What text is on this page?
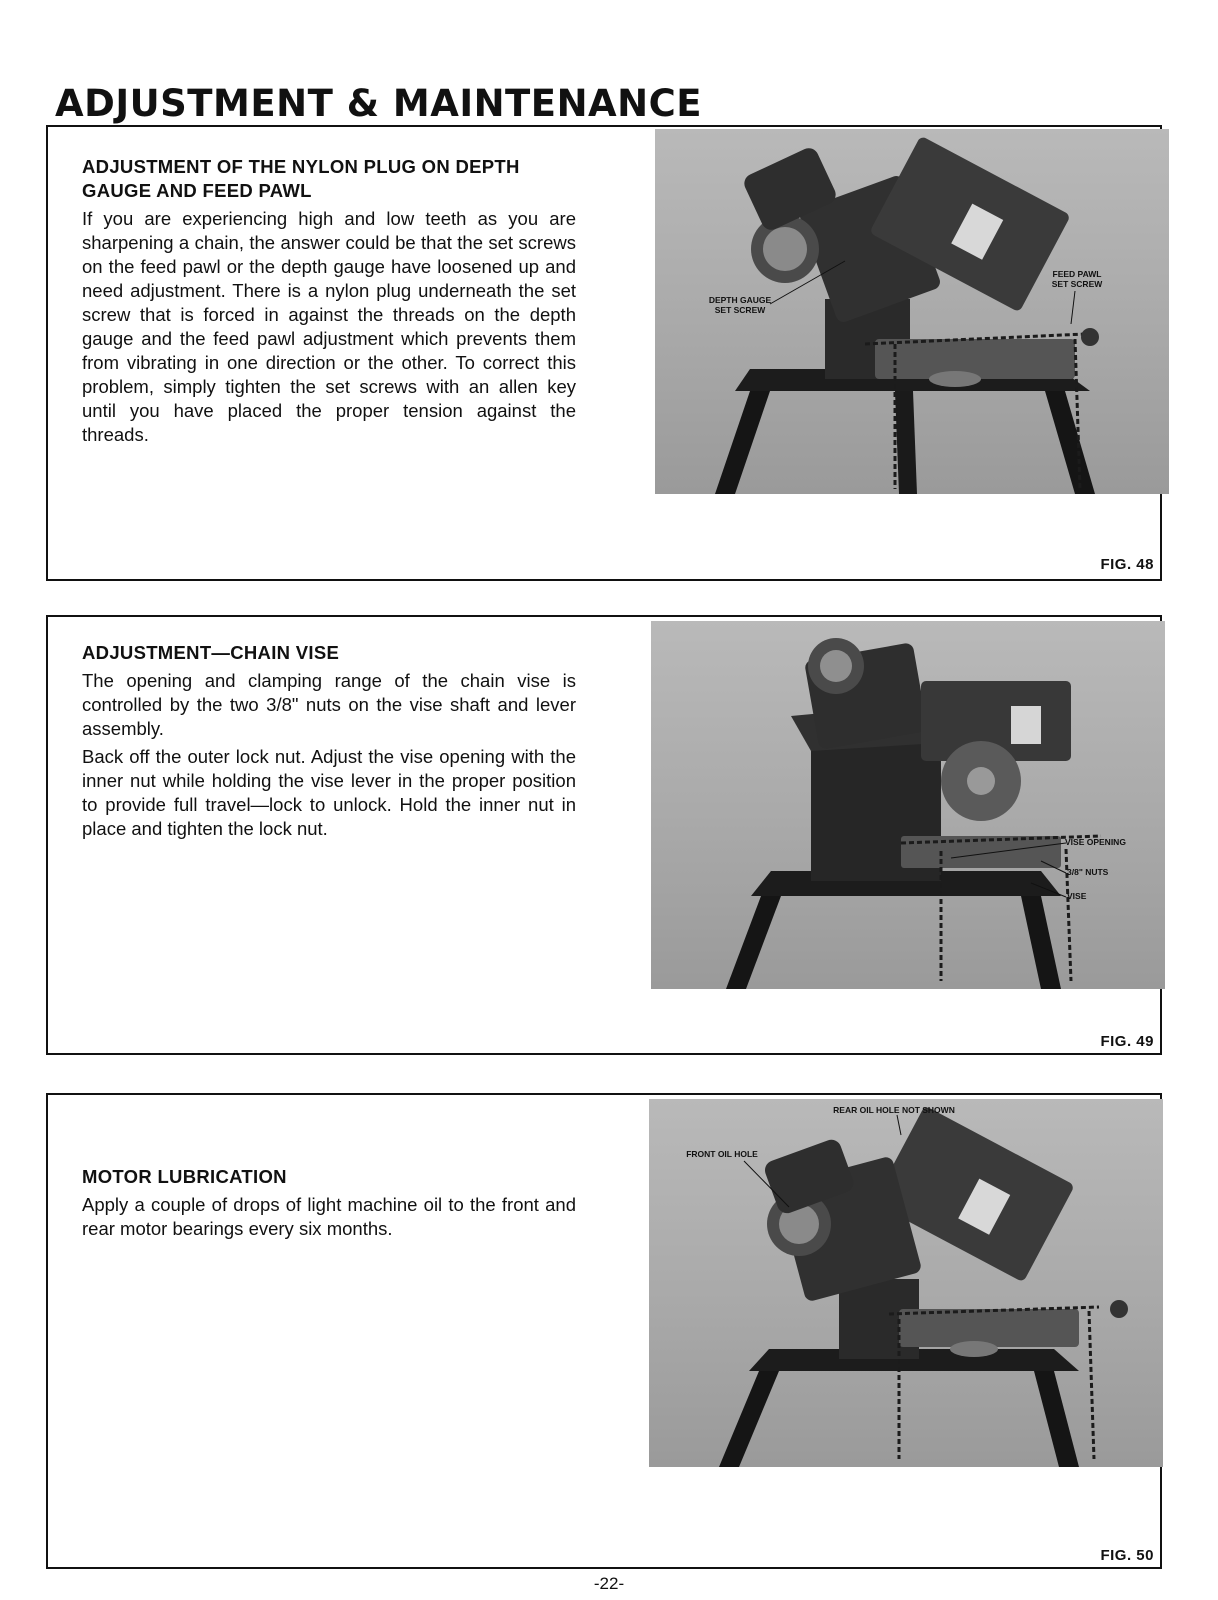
ADJUSTMENT & MAINTENANCE
ADJUSTMENT OF THE NYLON PLUG ON DEPTH GAUGE AND FEED PAWL

If you are experiencing high and low teeth as you are sharpening a chain, the answer could be that the set screws on the feed pawl or the depth gauge have loosened up and need adjustment. There is a nylon plug underneath the set screw that is forced in against the threads on the depth gauge and the feed pawl adjustment which prevents them from vibrating in one direction or the other. To correct this problem, simply tighten the set screws with an allen key until you have placed the proper tension against the threads.

DEPTH GAUGE
SET SCREW
FEED PAWL
SET SCREW
FIG. 48
ADJUSTMENT—CHAIN VISE

The opening and clamping range of the chain vise is controlled by the two 3/8" nuts on the vise shaft and lever assembly.

Back off the outer lock nut. Adjust the vise opening with the inner nut while holding the vise lever in the proper position to provide full travel—lock to unlock. Hold the inner nut in place and tighten the lock nut.

VISE OPENING
3/8" NUTS
VISE
FIG. 49
MOTOR LUBRICATION

Apply a couple of drops of light machine oil to the front and rear motor bearings every six months.

REAR OIL HOLE NOT SHOWN
FRONT OIL HOLE
FIG. 50
-22-
